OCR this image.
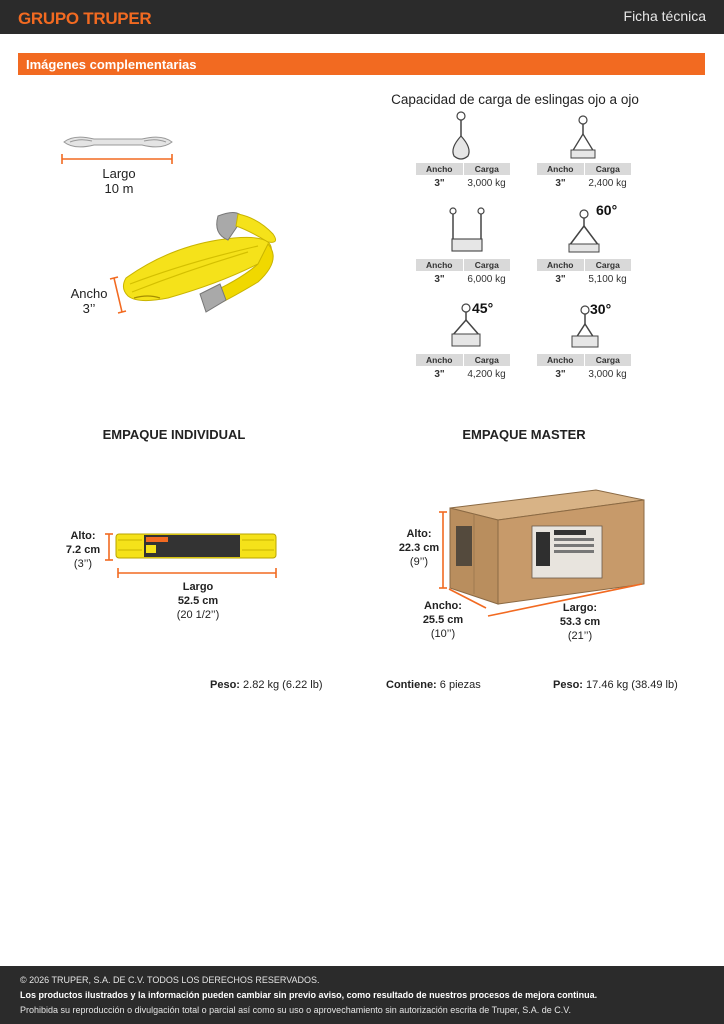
GRUPO TRUPER	Ficha técnica
Imágenes complementarias
Largo
10 m
Ancho
3’’
Capacidad de carga de eslingas ojo a ojo
Ancho	Carga
3"	3,000 kg
Ancho	Carga
3"	2,400 kg
Ancho	Carga
3"	6,000 kg
60°
Ancho	Carga
3"	5,100 kg
45°
Ancho	Carga
3"	4,200 kg
30°
Ancho	Carga
3"	3,000 kg
EMPAQUE INDIVIDUAL	EMPAQUE MASTER
Alto:
7.2 cm
(3’’)
Largo
52.5 cm
(20 1/2’’)
Alto:
22.3 cm
(9’’)
Ancho:
25.5 cm
(10’’)
Largo:
53.3 cm
(21’’)
Peso: 2.82 kg (6.22 lb)	Contiene: 6 piezas	Peso: 17.46 kg (38.49 lb)

© 2026 TRUPER, S.A. DE C.V. TODOS LOS DERECHOS RESERVADOS.

Los productos ilustrados y la información pueden cambiar sin previo aviso, como resultado de nuestros procesos de mejora continua.

Prohibida su reproducción o divulgación total o parcial así como su uso o aprovechamiento sin autorización escrita de Truper, S.A. de C.V.
